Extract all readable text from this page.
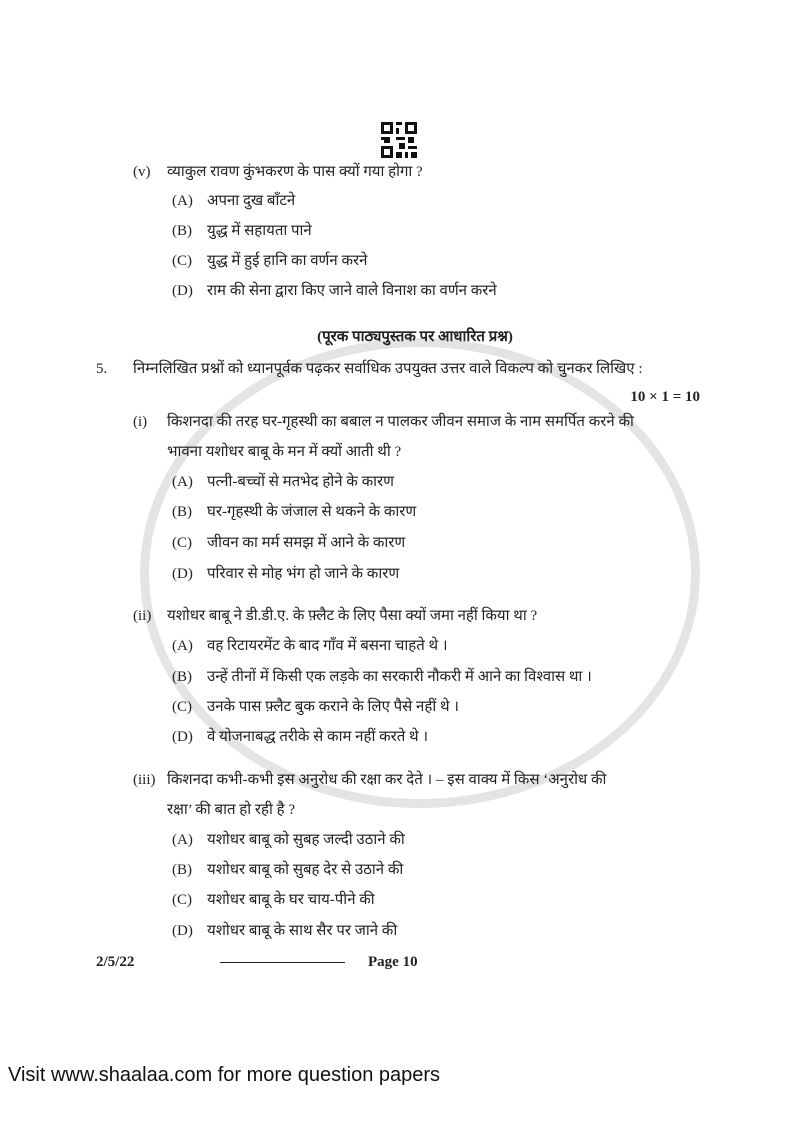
(v) व्याकुल रावण कुंभकरण के पास क्यों गया होगा ?
(A) अपना दुख बाँटने
(B) युद्ध में सहायता पाने
(C) युद्ध में हुई हानि का वर्णन करने
(D) राम की सेना द्वारा किए जाने वाले विनाश का वर्णन करने
(पूरक पाठ्यपुस्तक पर आधारित प्रश्न)
5. निम्नलिखित प्रश्नों को ध्यानपूर्वक पढ़कर सर्वाधिक उपयुक्त उत्तर वाले विकल्प को चुनकर लिखिए :
10 × 1 = 10
(i) किशनदा की तरह घर-गृहस्थी का बबाल न पालकर जीवन समाज के नाम समर्पित करने की
भावना यशोधर बाबू के मन में क्यों आती थी ?
(A) पत्नी-बच्चों से मतभेद होने के कारण
(B) घर-गृहस्थी के जंजाल से थकने के कारण
(C) जीवन का मर्म समझ में आने के कारण
(D) परिवार से मोह भंग हो जाने के कारण
(ii) यशोधर बाबू ने डी.डी.ए. के फ़्लैट के लिए पैसा क्यों जमा नहीं किया था ?
(A) वह रिटायरमेंट के बाद गाँव में बसना चाहते थे ।
(B) उन्हें तीनों में किसी एक लड़के का सरकारी नौकरी में आने का विश्वास था ।
(C) उनके पास फ़्लैट बुक कराने के लिए पैसे नहीं थे ।
(D) वे योजनाबद्ध तरीके से काम नहीं करते थे ।
(iii) किशनदा कभी-कभी इस अनुरोध की रक्षा कर देते । – इस वाक्य में किस ‘अनुरोध की
रक्षा’ की बात हो रही है ?
(A) यशोधर बाबू को सुबह जल्दी उठाने की
(B) यशोधर बाबू को सुबह देर से उठाने की
(C) यशोधर बाबू के घर चाय-पीने की
(D) यशोधर बाबू के साथ सैर पर जाने की
2/5/22	Page 10
Visit www.shaalaa.com for more question papers
